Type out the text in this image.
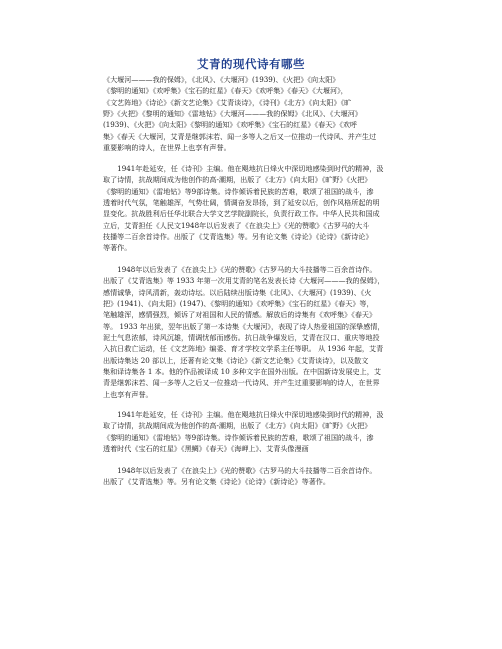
艾青的现代诗有哪些
《大堰河———我的保姆》，《北风》、《大堰河》(1939)、《火把》《向太阳》
《黎明的通知》《欢呼集》《宝石的红星》《春天》《欢呼集》《春天》《大堰河》，
《文艺阵地》《诗论》《新文艺论集》《艾青谈诗》，《诗刊》《北方》《向太阳》《旷
野》《火把》《黎明的通知》《雷地钻》《大堰河———我的保姆》《北风》、《大堰河》
(1939)、《火把》《向太阳》《黎明的通知》《欢呼集》《宝石的红星》《春天》《欢呼
集》《春天《大堰河，艾青是继郭沫若、闻一多等人之后又一位推动一代诗风、并产生过
重要影响的诗人，在世界上也享有声誉。
　　1941年赴延安，任《诗刊》主编。他在飓地抗日烽火中深切地感染到时代的精神，汲
取了诗情，抗战期间成为他创作的高-潮期，出版了《北方》《向太阳》《旷野》《火把》
《黎明的通知》《雷地钻》等9部诗集。诗作倾诉着民族的苦难，歌颂了祖国的战斗，渗
透着时代气氛，笔触雄浑，气势壮阔，情调奋发昂扬，到了延安以后，创作风格所起的明
显变化。抗战胜利后任华北联合大学文艺学院副院长，负责行政工作。中华人民共和国成
立后，艾青担任《人民文1948年以后发表了《在浪尖上》《光的赞歌》《古罗马的大斗
技播等二百余首诗作。出版了《艾青选集》等。另有论文集《诗论》《论诗》《新诗论》
等著作。
　　1948年以后发表了《在浪尖上》《光的赞歌》《古罗马的大斗技播等二百余首诗作。
出版了《艾青选集》等 1933 年第一次用艾青的笔名发表长诗《大堰河———我的保姆》，
感情诚挚，诗风清新，轰动诗坛。以后陆续出版诗集《北风》、《大堰河》(1939)、《火
把》(1941)、《向太阳》(1947)、《黎明的通知》《欢呼集》《宝石的红星》《春天》等，
笔触雄浑，感情强烈，倾诉了对祖国和人民的情感。解放后的诗集有《欢呼集》《春天》
等。 1933 年出狱，翌年出版了第一本诗集《大堰河》，表现了诗人热爱祖国的深挚感情，
泥土气息浓郁，诗风沉雄，情调忧郁而感伤。抗日战争爆发后，艾青在汉口、重庆等地投
入抗日救亡运动，任《文艺阵地》编委、育才学校文学系主任等职。 从 1936 年起，艾青
出版诗集达 20 部以上，还著有论文集《诗论》《新文艺论集》《艾青谈诗》，以及散文
集和译诗集各 1 本。他的作品被译成 10 多种文字在国外出版。在中国新诗发展史上，艾
青是继郭沫若、闻一多等人之后又一位推动一代诗风、并产生过重要影响的诗人，在世界
上也享有声誉。
　　1941年赴延安，任《诗刊》主编。他在飓地抗日烽火中深切地感染到时代的精神，汲
取了诗情，抗战期间成为他创作的高-潮期，出版了《北方》《向太阳》《旷野》《火把》
《黎明的通知》《雷地钻》等9部诗集。诗作倾诉着民族的苦难，歌颂了祖国的战斗，渗
透着时代《宝石的红星》《黑鲷》《春天》《海岬上》、艾青头像漫画
　　1948年以后发表了《在浪尖上》《光的赞歌》《古罗马的大斗技播等二百余首诗作。
出版了《艾青选集》等。另有论文集《诗论》《论诗》《新诗论》等著作。
